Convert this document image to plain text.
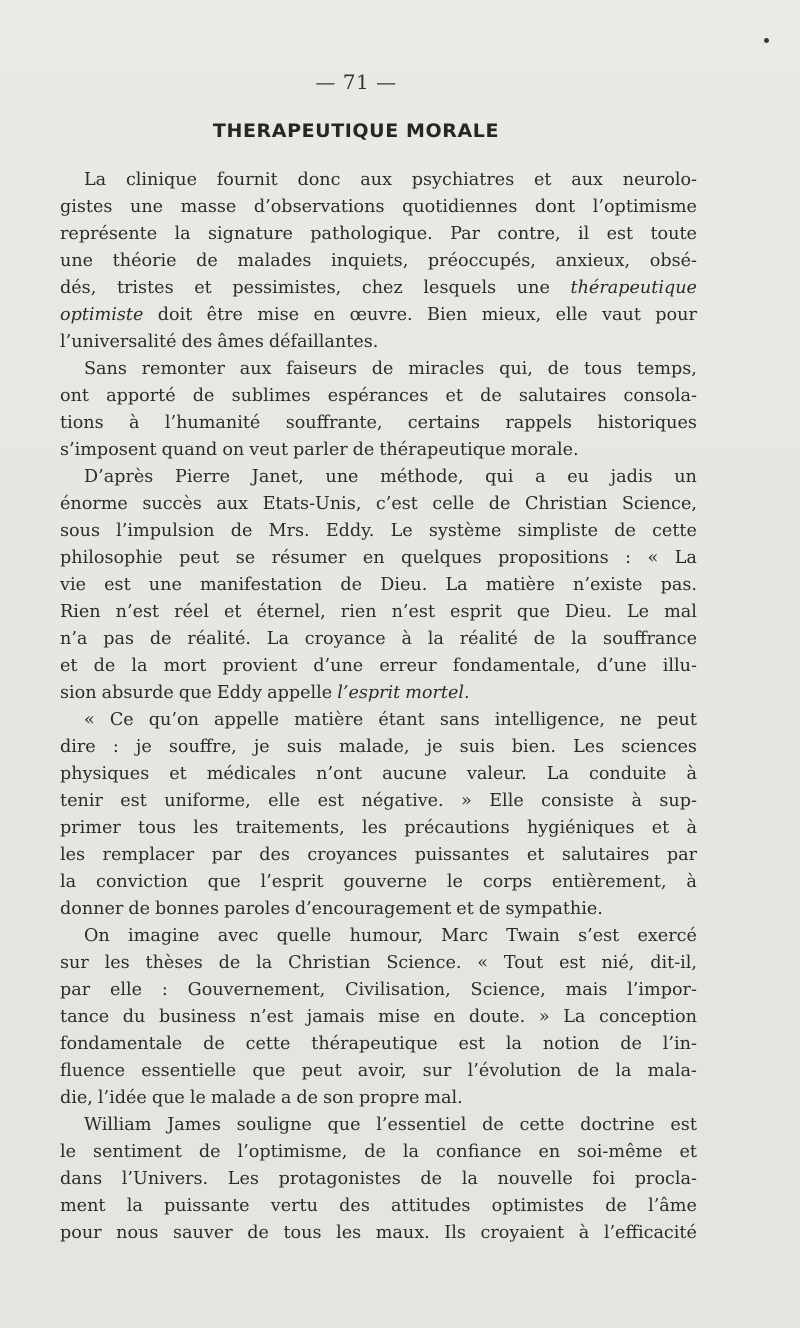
— 71 —
THERAPEUTIQUE MORALE
La clinique fournit donc aux psychiatres et aux neurolo-
gistes une masse d’observations quotidiennes dont l’optimisme
représente la signature pathologique. Par contre, il est toute
une théorie de malades inquiets, préoccupés, anxieux, obsé-
dés, tristes et pessimistes, chez lesquels une thérapeutique
optimiste doit être mise en œuvre. Bien mieux, elle vaut pour
l’universalité des âmes défaillantes.
Sans remonter aux faiseurs de miracles qui, de tous temps,
ont apporté de sublimes espérances et de salutaires consola-
tions à l’humanité souffrante, certains rappels historiques
s’imposent quand on veut parler de thérapeutique morale.
D’après Pierre Janet, une méthode, qui a eu jadis un
énorme succès aux Etats-Unis, c’est celle de Christian Science,
sous l’impulsion de Mrs. Eddy. Le système simpliste de cette
philosophie peut se résumer en quelques propositions : « La
vie est une manifestation de Dieu. La matière n’existe pas.
Rien n’est réel et éternel, rien n’est esprit que Dieu. Le mal
n’a pas de réalité. La croyance à la réalité de la souffrance
et de la mort provient d’une erreur fondamentale, d’une illu-
sion absurde que Eddy appelle l’esprit mortel.
« Ce qu’on appelle matière étant sans intelligence, ne peut
dire : je souffre, je suis malade, je suis bien. Les sciences
physiques et médicales n’ont aucune valeur. La conduite à
tenir est uniforme, elle est négative. » Elle consiste à sup-
primer tous les traitements, les précautions hygiéniques et à
les remplacer par des croyances puissantes et salutaires par
la conviction que l’esprit gouverne le corps entièrement, à
donner de bonnes paroles d’encouragement et de sympathie.
On imagine avec quelle humour, Marc Twain s’est exercé
sur les thèses de la Christian Science. « Tout est nié, dit-il,
par elle : Gouvernement, Civilisation, Science, mais l’impor-
tance du business n’est jamais mise en doute. » La conception
fondamentale de cette thérapeutique est la notion de l’in-
fluence essentielle que peut avoir, sur l’évolution de la mala-
die, l’idée que le malade a de son propre mal.
William James souligne que l’essentiel de cette doctrine est
le sentiment de l’optimisme, de la confiance en soi-même et
dans l’Univers. Les protagonistes de la nouvelle foi procla-
ment la puissante vertu des attitudes optimistes de l’âme
pour nous sauver de tous les maux. Ils croyaient à l’efficacité
